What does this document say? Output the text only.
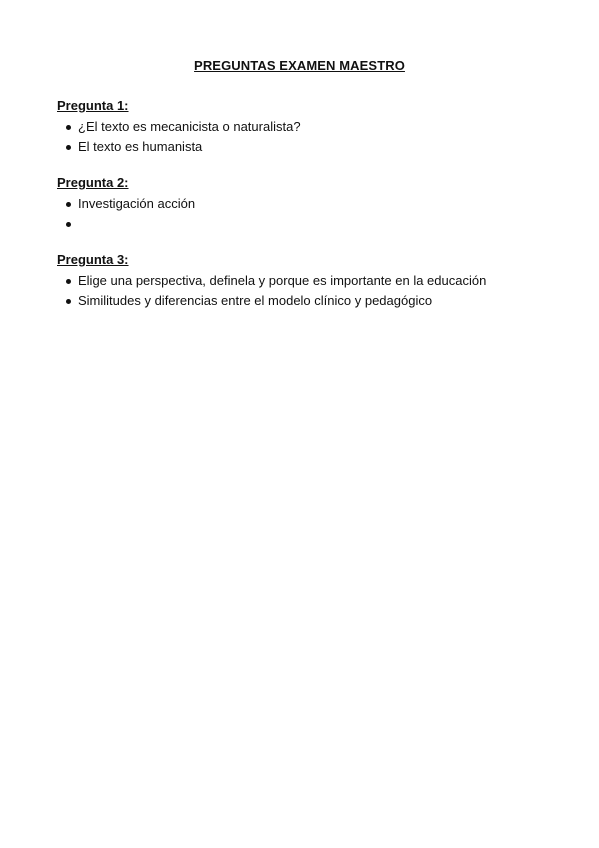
PREGUNTAS EXAMEN MAESTRO
Pregunta 1:
¿El texto es mecanicista o naturalista?
El texto es humanista
Pregunta 2:
Investigación acción
Pregunta 3:
Elige una perspectiva, definela y porque es importante en la educación
Similitudes y diferencias entre el modelo clínico y pedagógico
